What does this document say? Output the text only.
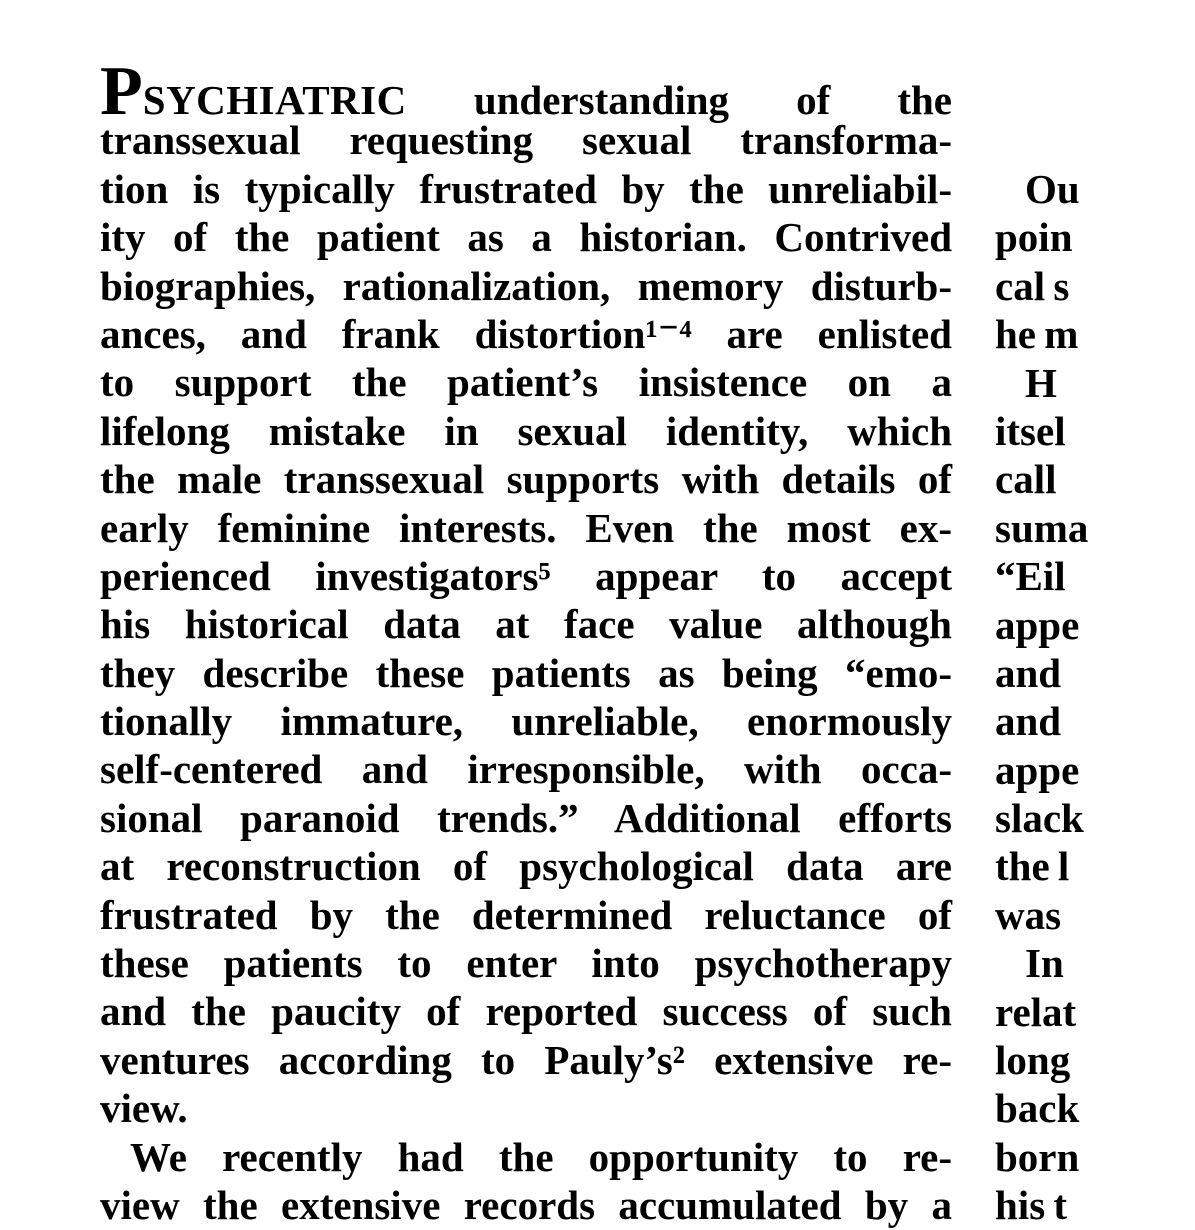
PSYCHIATRIC understanding of the
transsexual requesting sexual transforma-
tion is typically frustrated by the unreliabil-
ity of the patient as a historian. Contrived
biographies, rationalization, memory disturb-
ances, and frank distortion¹⁻⁴ are enlisted
to support the patient’s insistence on a
lifelong mistake in sexual identity, which
the male transsexual supports with details of
early feminine interests. Even the most ex-
perienced investigators⁵ appear to accept
his historical data at face value although
they describe these patients as being “emo-
tionally immature, unreliable, enormously
self-centered and irresponsible, with occa-
sional paranoid trends.” Additional efforts
at reconstruction of psychological data are
frustrated by the determined reluctance of
these patients to enter into psychotherapy
and the paucity of reported success of such
ventures according to Pauly’s² extensive re-
view.
We recently had the opportunity to re-
view the extensive records accumulated by a
Ou
poin
cal s
he m
H
itsel
call
suma
“Eil
appe
and
and
appe
slack
the l
was
In
relat
long
back
born
his t
